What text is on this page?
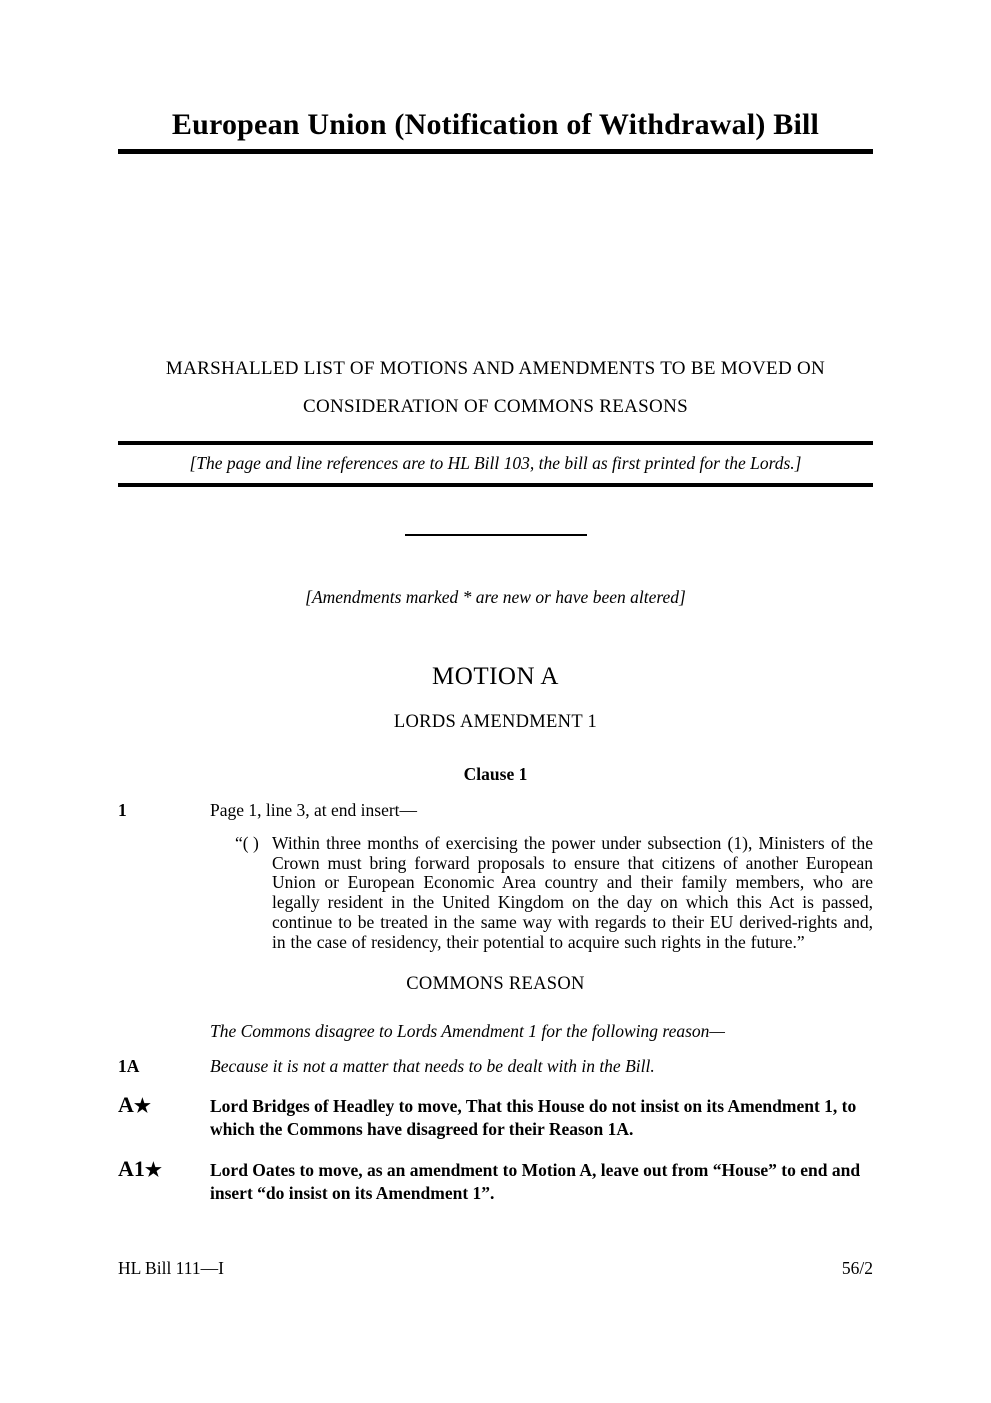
European Union (Notification of Withdrawal) Bill
MARSHALLED LIST OF MOTIONS AND AMENDMENTS TO BE MOVED ON
CONSIDERATION OF COMMONS REASONS
[The page and line references are to HL Bill 103, the bill as first printed for the Lords.]
[Amendments marked * are new or have been altered]
MOTION A
LORDS AMENDMENT 1
Clause 1
1	Page 1, line 3, at end insert—
“( ) Within three months of exercising the power under subsection (1), Ministers of the Crown must bring forward proposals to ensure that citizens of another European Union or European Economic Area country and their family members, who are legally resident in the United Kingdom on the day on which this Act is passed, continue to be treated in the same way with regards to their EU derived-rights and, in the case of residency, their potential to acquire such rights in the future.”
COMMONS REASON
The Commons disagree to Lords Amendment 1 for the following reason—
1A	Because it is not a matter that needs to be dealt with in the Bill.
A★	Lord Bridges of Headley to move, That this House do not insist on its Amendment 1, to which the Commons have disagreed for their Reason 1A.
A1★	Lord Oates to move, as an amendment to Motion A, leave out from “House” to end and insert “do insist on its Amendment 1”.
HL Bill 111—I	56/2
